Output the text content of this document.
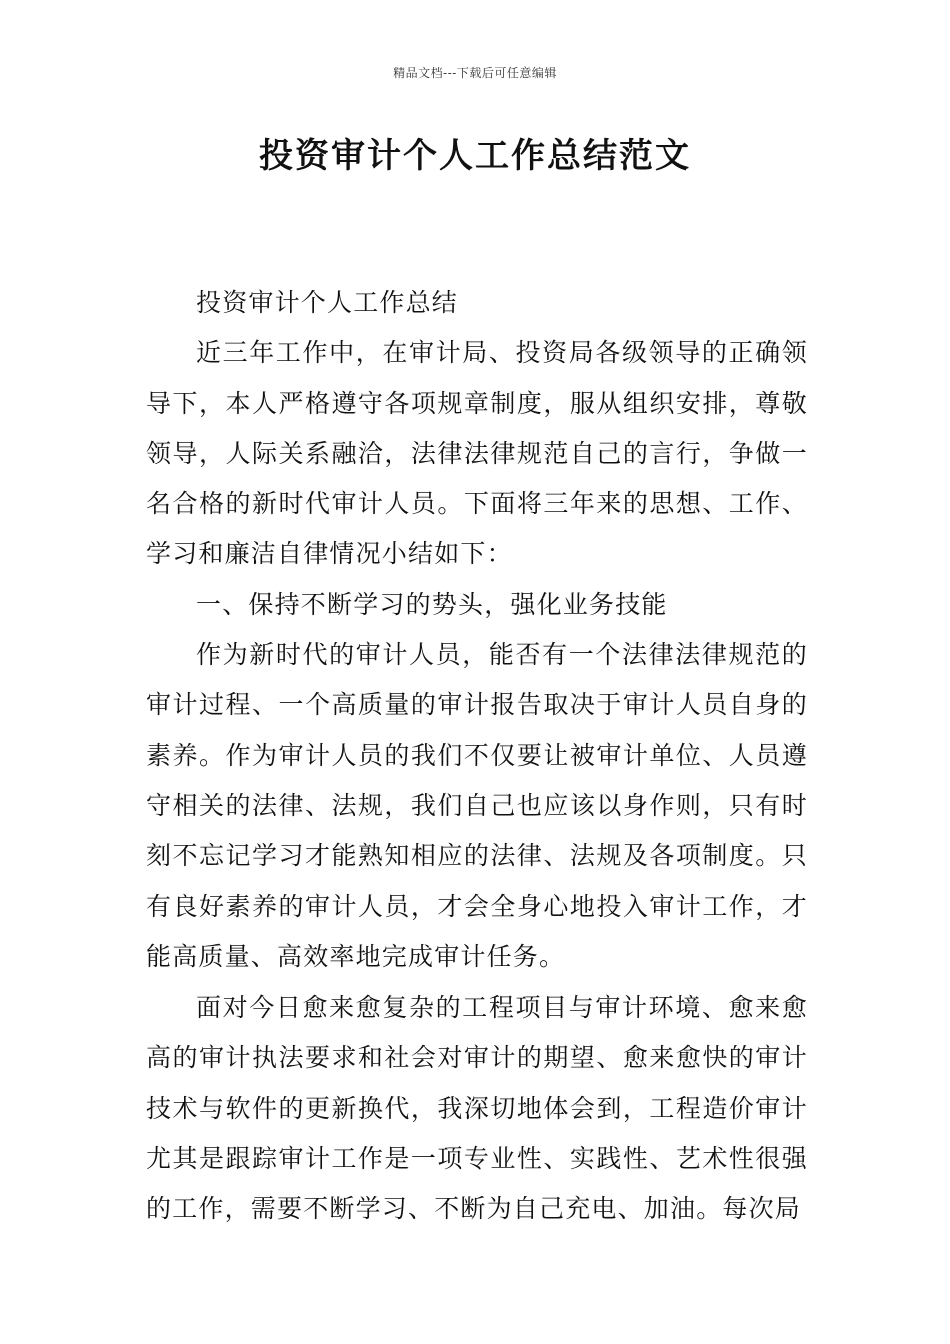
精品文档---下载后可任意编辑
投资审计个人工作总结范文

投资审计个人工作总结

近三年工作中，在审计局、投资局各级领导的正确领导下，本人严格遵守各项规章制度，服从组织安排，尊敬领导，人际关系融洽，法律法律规范自己的言行，争做一名合格的新时代审计人员。下面将三年来的思想、工作、学习和廉洁自律情况小结如下：

一、保持不断学习的势头，强化业务技能

作为新时代的审计人员，能否有一个法律法律规范的审计过程、一个高质量的审计报告取决于审计人员自身的素养。作为审计人员的我们不仅要让被审计单位、人员遵守相关的法律、法规，我们自己也应该以身作则，只有时刻不忘记学习才能熟知相应的法律、法规及各项制度。只有良好素养的审计人员，才会全身心地投入审计工作，才能高质量、高效率地完成审计任务。

面对今日愈来愈复杂的工程项目与审计环境、愈来愈高的审计执法要求和社会对审计的期望、愈来愈快的审计技术与软件的更新换代，我深切地体会到，工程造价审计尤其是跟踪审计工作是一项专业性、实践性、艺术性很强的工作，需要不断学习、不断为自己充电、加油。每次局
